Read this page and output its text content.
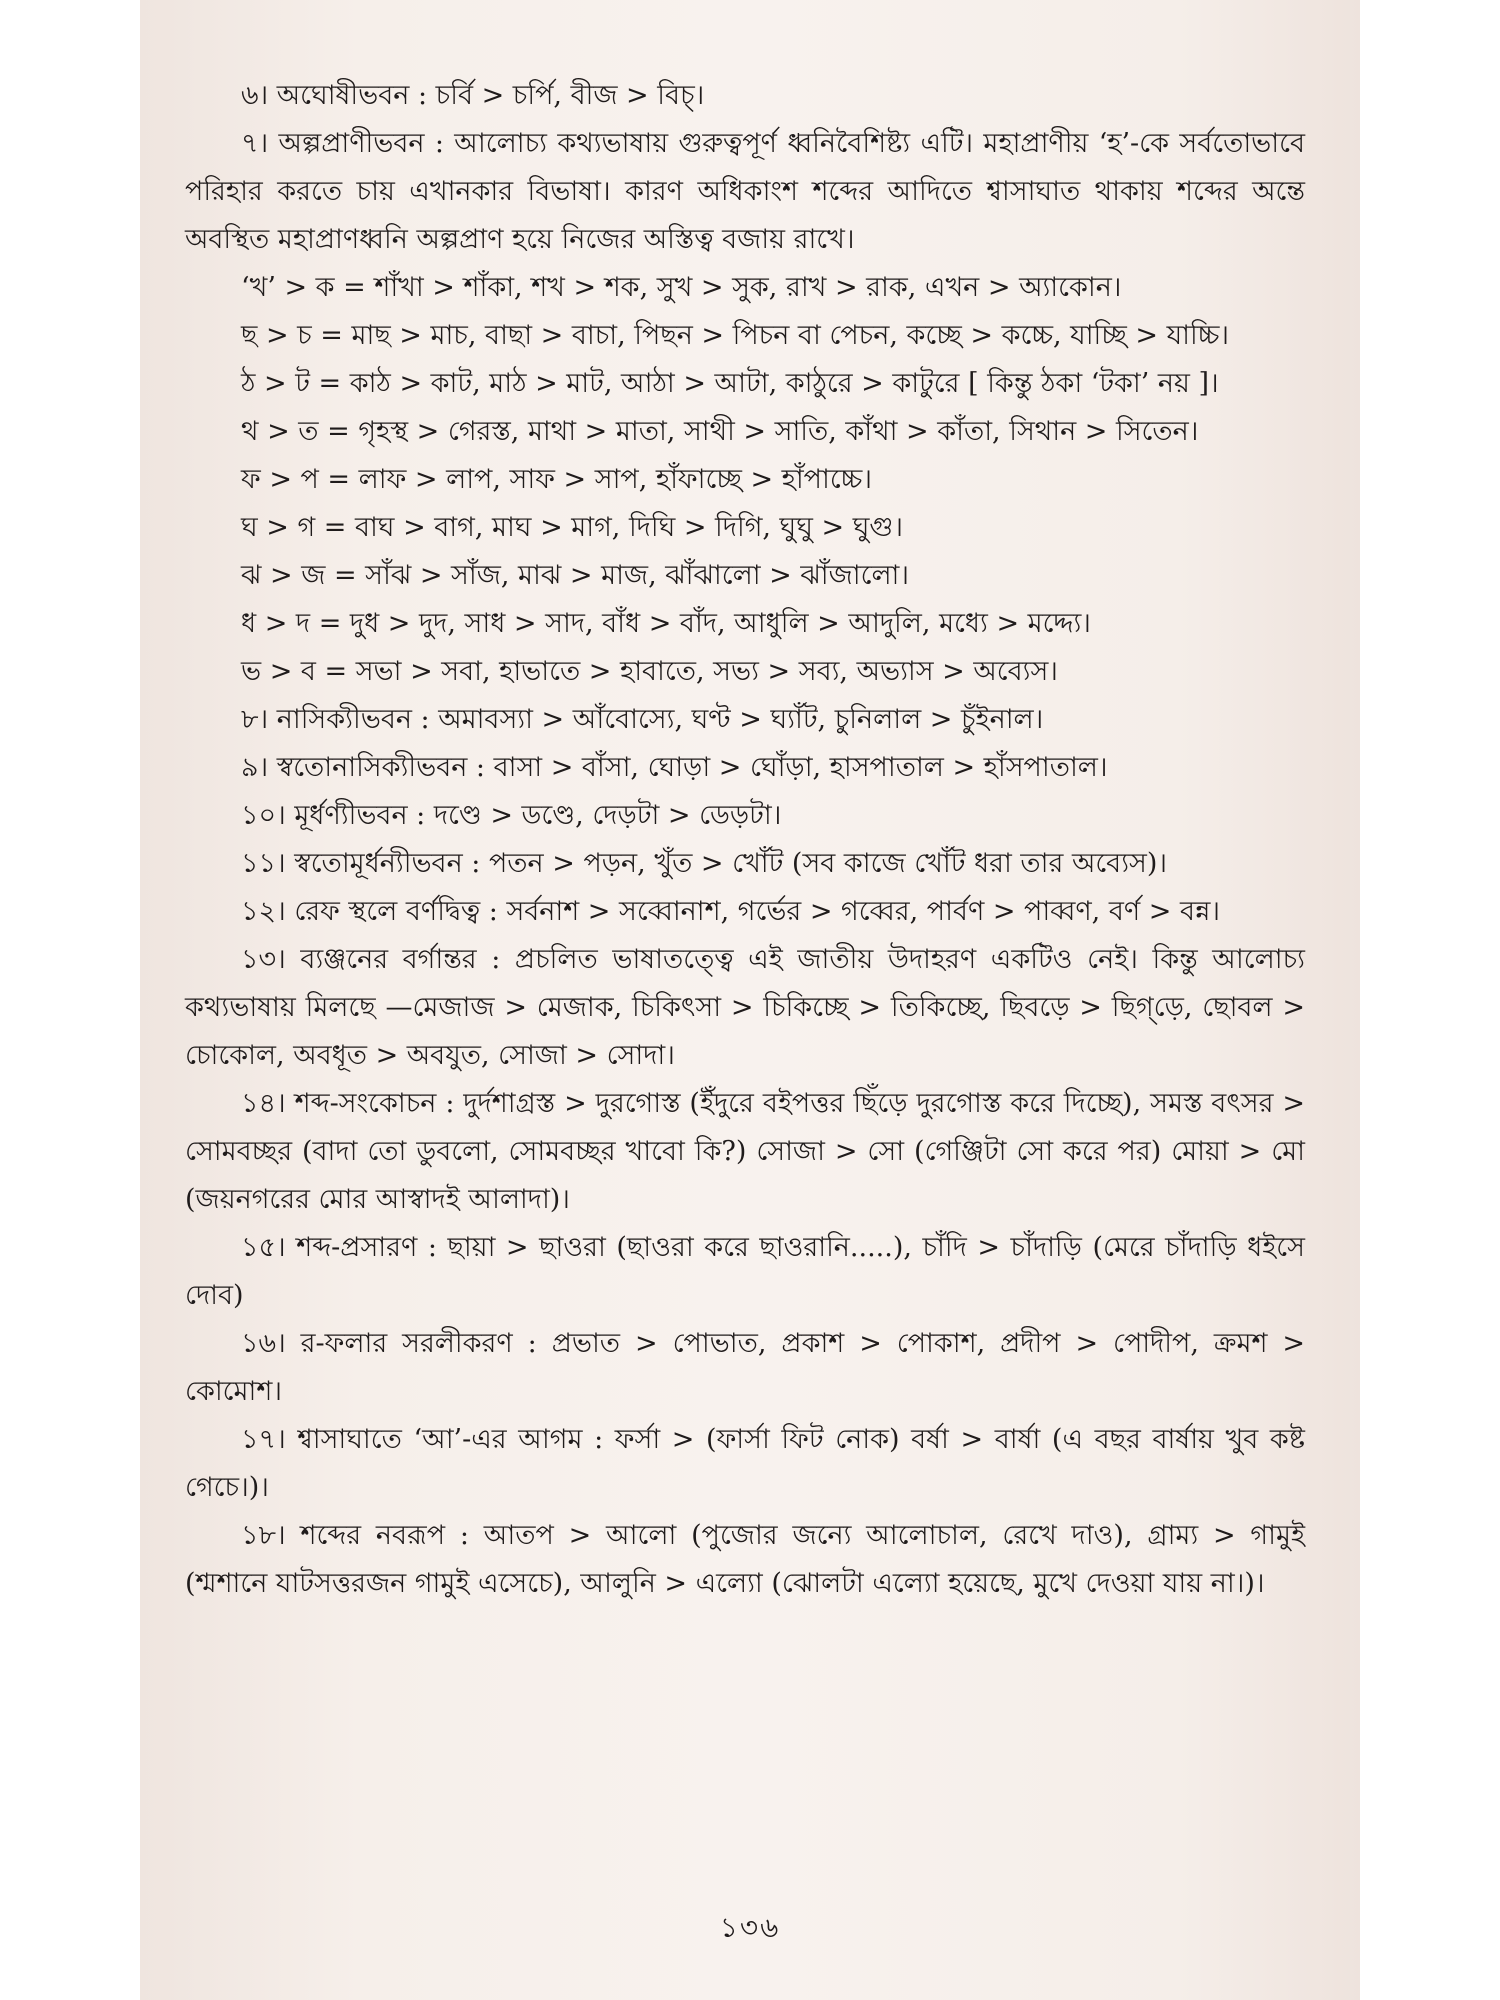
৬। অঘোষীভবন : চর্বি > চর্পি, বীজ > বিচ্।

৭। অল্পপ্রাণীভবন : আলোচ্য কথ্যভাষায় গুরুত্বপূর্ণ ধ্বনিবৈশিষ্ট্য এটি। মহাপ্রাণীয় ‘হ’-কে সর্বতোভাবে পরিহার করতে চায় এখানকার বিভাষা। কারণ অধিকাংশ শব্দের আদিতে শ্বাসাঘাত থাকায় শব্দের অন্তে অবস্থিত মহাপ্রাণধ্বনি অল্পপ্রাণ হয়ে নিজের অস্তিত্ব বজায় রাখে।

‘খ’ > ক = শাঁখা > শাঁকা, শখ > শক, সুখ > সুক, রাখ > রাক, এখন > অ্যাকোন।

ছ > চ = মাছ > মাচ, বাছা > বাচা, পিছন > পিচন বা পেচন, কচ্ছে > কচ্চে, যাচ্ছি > যাচ্চি।

ঠ > ট = কাঠ > কাট, মাঠ > মাট, আঠা > আটা, কাঠুরে > কাটুরে [ কিন্তু ঠকা ‘টকা’ নয় ]।

থ > ত = গৃহস্থ > গেরস্ত, মাথা > মাতা, সাথী > সাতি, কাঁথা > কাঁতা, সিথান > সিতেন।

ফ > প = লাফ > লাপ, সাফ > সাপ, হাঁফাচ্ছে > হাঁপাচ্চে।

ঘ > গ = বাঘ > বাগ, মাঘ > মাগ, দিঘি > দিগি, ঘুঘু > ঘুগু।

ঝ > জ = সাঁঝ > সাঁজ, মাঝ > মাজ, ঝাঁঝালো > ঝাঁজালো।

ধ > দ = দুধ > দুদ, সাধ > সাদ, বাঁধ > বাঁদ, আধুলি > আদুলি, মধ্যে > মদ্দ্যে।

ভ > ব = সভা > সবা, হাভাতে > হাবাতে, সভ্য > সব্য, অভ্যাস > অব্যেস।

৮। নাসিক্যীভবন : অমাবস্যা > আঁবোস্যে, ঘণ্ট > ঘ্যাঁট, চুনিলাল > চুঁইনাল।

৯। স্বতোনাসিক্যীভবন : বাসা > বাঁসা, ঘোড়া > ঘোঁড়া, হাসপাতাল > হাঁসপাতাল।

১০। মূর্ধণ্যীভবন : দণ্ডে > ডণ্ডে, দেড়টা > ডেড়টা।

১১। স্বতোমূর্ধন্যীভবন : পতন > পড়ন, খুঁত > খোঁট (সব কাজে খোঁট ধরা তার অব্যেস)।

১২। রেফ স্থলে বর্ণদ্বিত্ব : সর্বনাশ > সব্বোনাশ, গর্ভের > গব্বের, পার্বণ > পাব্বণ, বর্ণ > বন্ন।

১৩। ব্যঞ্জনের বর্গান্তর : প্রচলিত ভাষাতত্ত্বে এই জাতীয় উদাহরণ একটিও নেই। কিন্তু আলোচ্য কথ্যভাষায় মিলছে —মেজাজ > মেজাক, চিকিৎসা > চিকিচ্ছে > তিকিচ্ছে, ছিবড়ে > ছিগ্‌ড়ে, ছোবল > চোকোল, অবধূত > অবযুত, সোজা > সোদা।

১৪। শব্দ-সংকোচন : দুর্দশাগ্রস্ত > দুরগোস্ত (ইঁদুরে বইপত্তর ছিঁড়ে দুরগোস্ত করে দিচ্ছে), সমস্ত বৎসর > সোমবচ্ছর (বাদা তো ডুবলো, সোমবচ্ছর খাবো কি?) সোজা > সো (গেঞ্জিটা সো করে পর) মোয়া > মো (জয়নগরের মোর আস্বাদই আলাদা)।

১৫। শব্দ-প্রসারণ : ছায়া > ছাওরা (ছাওরা করে ছাওরানি.....), চাঁদি > চাঁদাড়ি (মেরে চাঁদাড়ি ধইসে দোব)

১৬। র-ফলার সরলীকরণ : প্রভাত > পোভাত, প্রকাশ > পোকাশ, প্রদীপ > পোদীপ, ক্রমশ > কোমোশ।

১৭। শ্বাসাঘাতে ‘আ’-এর আগম : ফর্সা > (ফার্সা ফিট নোক) বর্ষা > বার্ষা (এ বছর বার্ষায় খুব কষ্ট গেচে।)।

১৮। শব্দের নবরূপ : আতপ > আলো (পুজোর জন্যে আলোচাল, রেখে দাও), গ্রাম্য > গামুই (শ্মশানে যাটসত্তরজন গামুই এসেচে), আলুনি > এল্যো (ঝোলটা এল্যো হয়েছে, মুখে দেওয়া যায় না।)।

১৩৬
